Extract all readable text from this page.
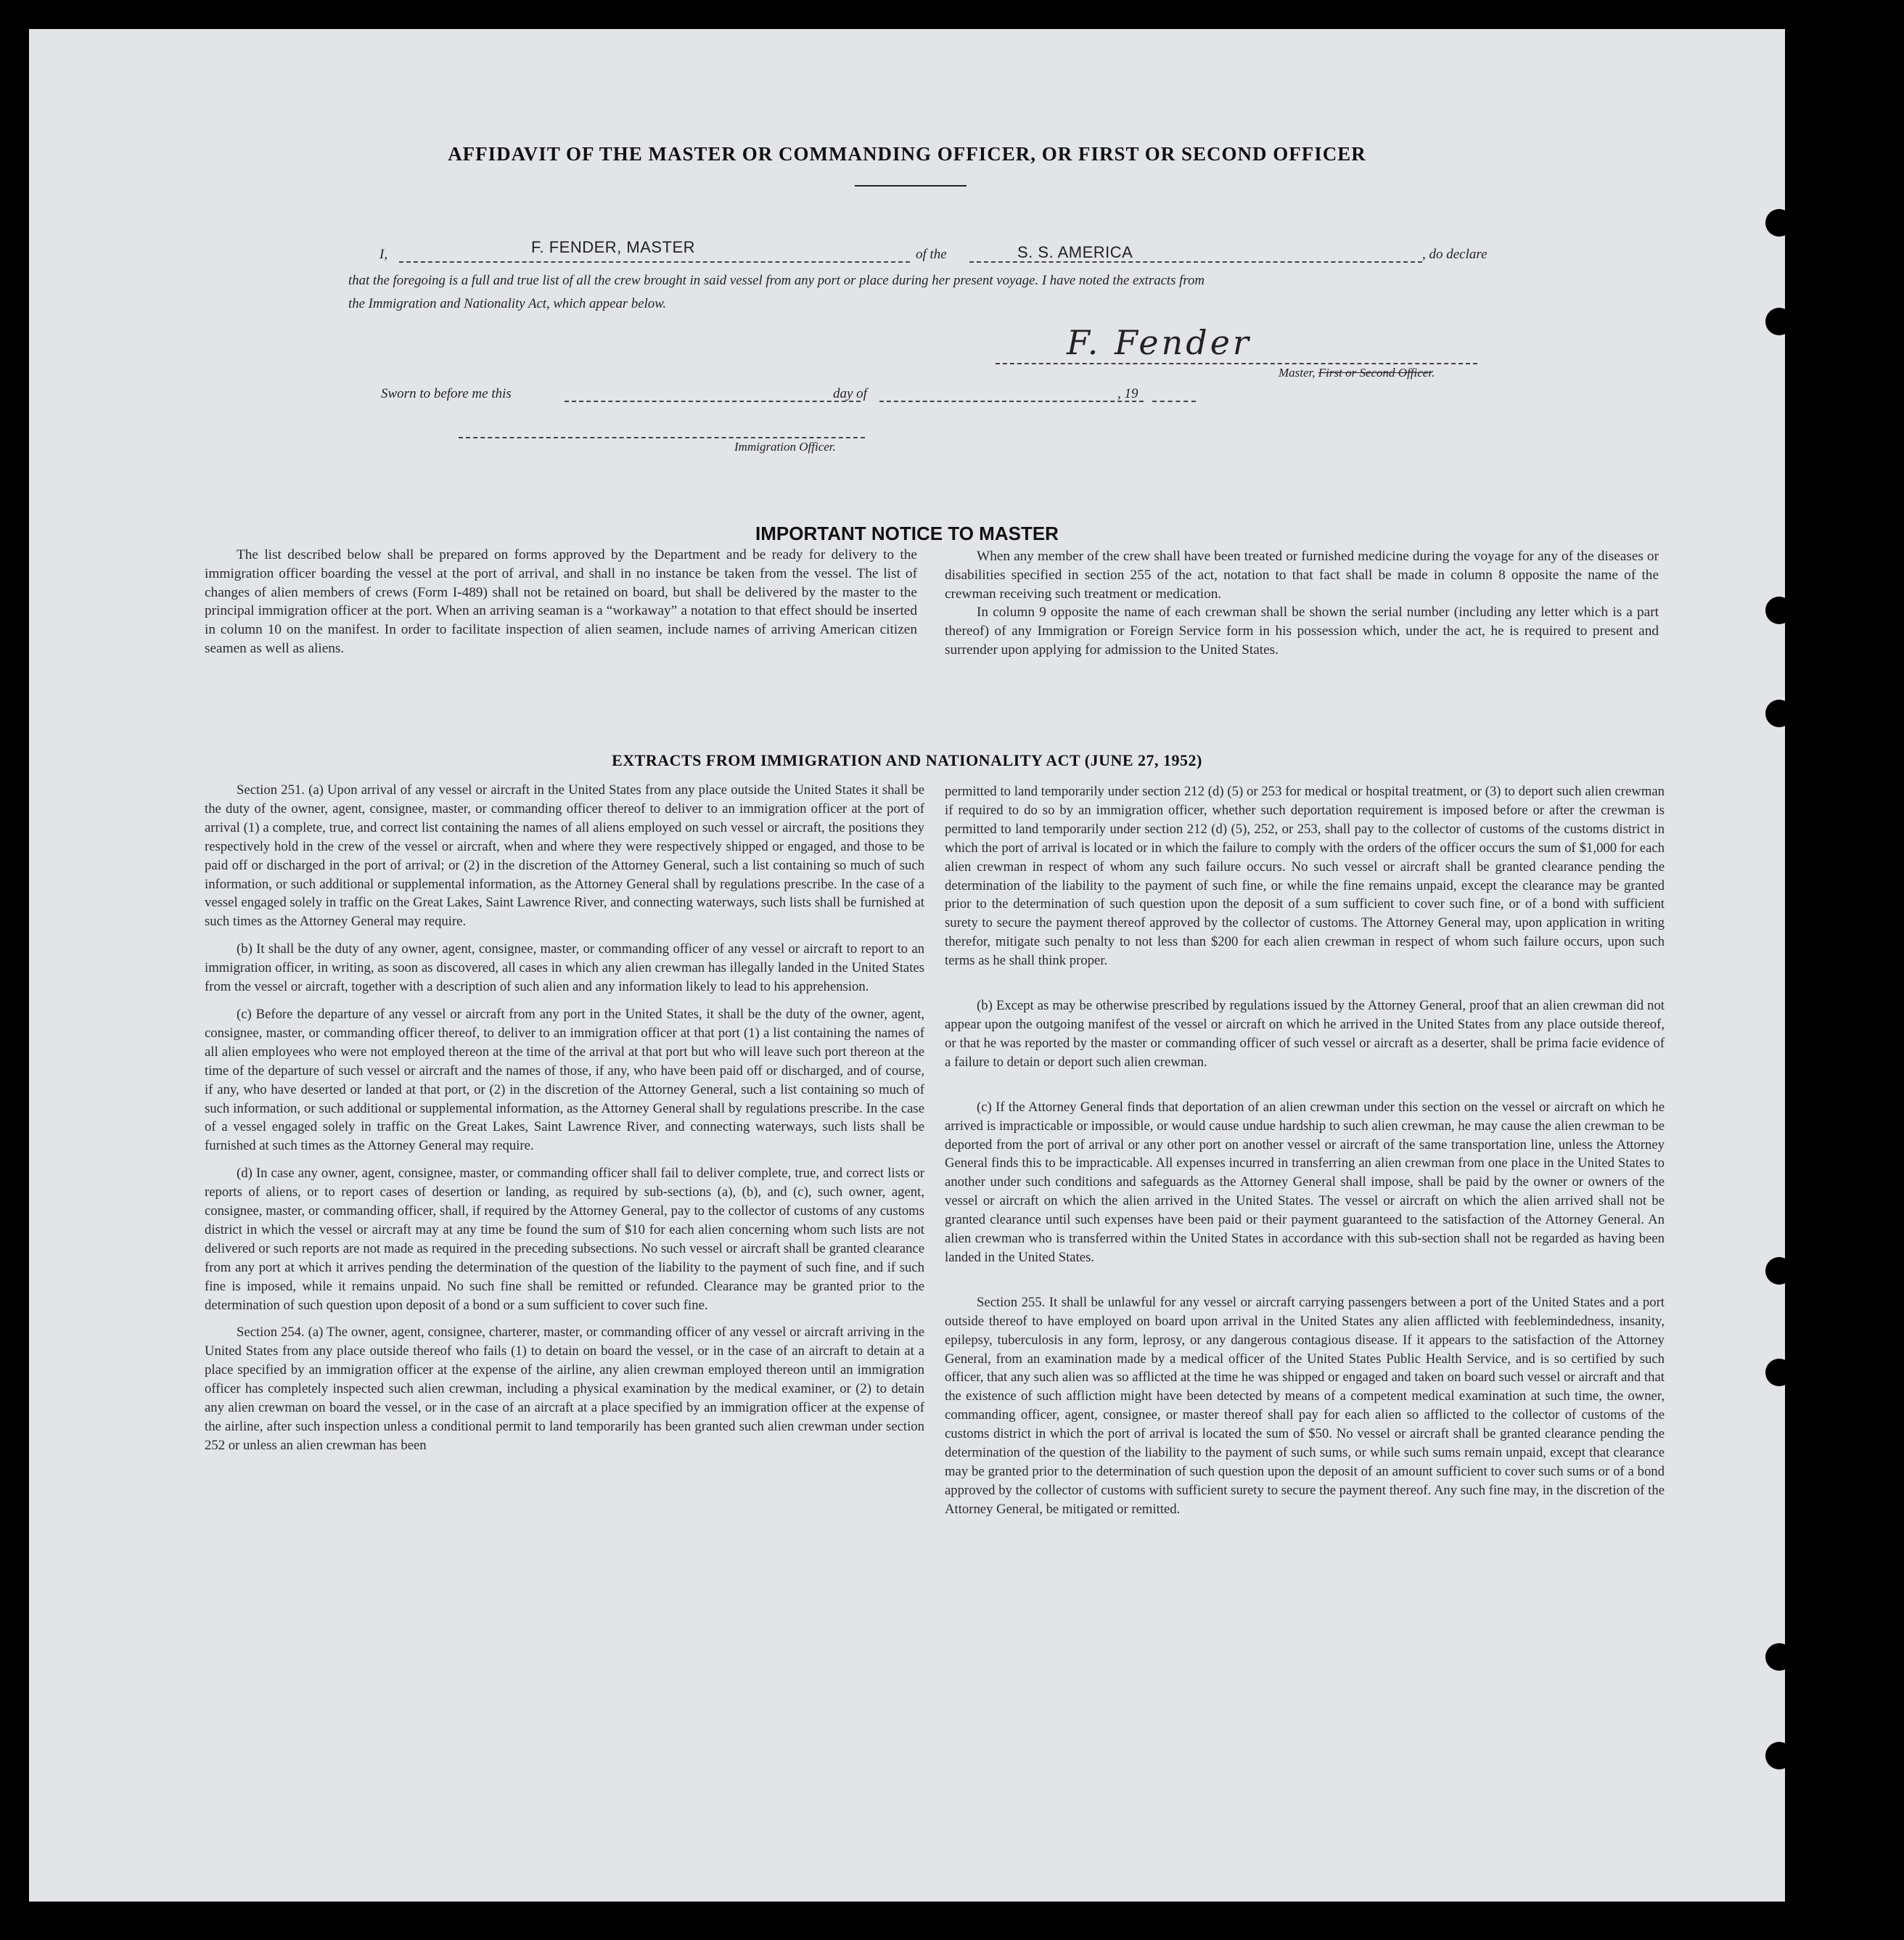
AFFIDAVIT OF THE MASTER OR COMMANDING OFFICER, OR FIRST OR SECOND OFFICER
I,	F. FENDER, MASTER	of the	S. S. AMERICA	, do declare
that the foregoing is a full and true list of all the crew brought in said vessel from any port or place during her present voyage. I have noted the extracts from
the Immigration and Nationality Act, which appear below.
F. Fender
Master, First or Second Officer.
Sworn to before me this	day of	, 19
Immigration Officer.
IMPORTANT NOTICE TO MASTER

The list described below shall be prepared on forms approved by the Department and be ready for delivery to the immigration officer boarding the vessel at the port of arrival, and shall in no instance be taken from the vessel. The list of changes of alien members of crews (Form I-489) shall not be retained on board, but shall be delivered by the master to the principal immigration officer at the port. When an arriving seaman is a “workaway” a notation to that effect should be inserted in column 10 on the manifest. In order to facilitate inspection of alien seamen, include names of arriving American citizen seamen as well as aliens.

When any member of the crew shall have been treated or furnished medicine during the voyage for any of the diseases or disabilities specified in section 255 of the act, notation to that fact shall be made in column 8 opposite the name of the crewman receiving such treatment or medication.

In column 9 opposite the name of each crewman shall be shown the serial number (including any letter which is a part thereof) of any Immigration or Foreign Service form in his possession which, under the act, he is required to present and surrender upon applying for admission to the United States.

EXTRACTS FROM IMMIGRATION AND NATIONALITY ACT (JUNE 27, 1952)

Section 251. (a) Upon arrival of any vessel or aircraft in the United States from any place outside the United States it shall be the duty of the owner, agent, consignee, master, or commanding officer thereof to deliver to an immigration officer at the port of arrival (1) a complete, true, and correct list containing the names of all aliens employed on such vessel or aircraft, the positions they respectively hold in the crew of the vessel or aircraft, when and where they were respectively shipped or engaged, and those to be paid off or discharged in the port of arrival; or (2) in the discretion of the Attorney General, such a list containing so much of such information, or such additional or supplemental information, as the Attorney General shall by regulations prescribe. In the case of a vessel engaged solely in traffic on the Great Lakes, Saint Lawrence River, and connecting waterways, such lists shall be furnished at such times as the Attorney General may require.

(b) It shall be the duty of any owner, agent, consignee, master, or commanding officer of any vessel or aircraft to report to an immigration officer, in writing, as soon as discovered, all cases in which any alien crewman has illegally landed in the United States from the vessel or aircraft, together with a description of such alien and any information likely to lead to his apprehension.

(c) Before the departure of any vessel or aircraft from any port in the United States, it shall be the duty of the owner, agent, consignee, master, or commanding officer thereof, to deliver to an immigration officer at that port (1) a list containing the names of all alien employees who were not employed thereon at the time of the arrival at that port but who will leave such port thereon at the time of the departure of such vessel or aircraft and the names of those, if any, who have been paid off or discharged, and of course, if any, who have deserted or landed at that port, or (2) in the discretion of the Attorney General, such a list containing so much of such information, or such additional or supplemental information, as the Attorney General shall by regulations prescribe. In the case of a vessel engaged solely in traffic on the Great Lakes, Saint Lawrence River, and connecting waterways, such lists shall be furnished at such times as the Attorney General may require.

(d) In case any owner, agent, consignee, master, or commanding officer shall fail to deliver complete, true, and correct lists or reports of aliens, or to report cases of desertion or landing, as required by sub-sections (a), (b), and (c), such owner, agent, consignee, master, or commanding officer, shall, if required by the Attorney General, pay to the collector of customs of any customs district in which the vessel or aircraft may at any time be found the sum of $10 for each alien concerning whom such lists are not delivered or such reports are not made as required in the preceding subsections. No such vessel or aircraft shall be granted clearance from any port at which it arrives pending the determination of the question of the liability to the payment of such fine, and if such fine is imposed, while it remains unpaid. No such fine shall be remitted or refunded. Clearance may be granted prior to the determination of such question upon deposit of a bond or a sum sufficient to cover such fine.

Section 254. (a) The owner, agent, consignee, charterer, master, or commanding officer of any vessel or aircraft arriving in the United States from any place outside thereof who fails (1) to detain on board the vessel, or in the case of an aircraft to detain at a place specified by an immigration officer at the expense of the airline, any alien crewman employed thereon until an immigration officer has completely inspected such alien crewman, including a physical examination by the medical examiner, or (2) to detain any alien crewman on board the vessel, or in the case of an aircraft at a place specified by an immigration officer at the expense of the airline, after such inspection unless a conditional permit to land temporarily has been granted such alien crewman under section 252 or unless an alien crewman has been

permitted to land temporarily under section 212 (d) (5) or 253 for medical or hospital treatment, or (3) to deport such alien crewman if required to do so by an immigration officer, whether such deportation requirement is imposed before or after the crewman is permitted to land temporarily under section 212 (d) (5), 252, or 253, shall pay to the collector of customs of the customs district in which the port of arrival is located or in which the failure to comply with the orders of the officer occurs the sum of $1,000 for each alien crewman in respect of whom any such failure occurs. No such vessel or aircraft shall be granted clearance pending the determination of the liability to the payment of such fine, or while the fine remains unpaid, except the clearance may be granted prior to the determination of such question upon the deposit of a sum sufficient to cover such fine, or of a bond with sufficient surety to secure the payment thereof approved by the collector of customs. The Attorney General may, upon application in writing therefor, mitigate such penalty to not less than $200 for each alien crewman in respect of whom such failure occurs, upon such terms as he shall think proper.

(b) Except as may be otherwise prescribed by regulations issued by the Attorney General, proof that an alien crewman did not appear upon the outgoing manifest of the vessel or aircraft on which he arrived in the United States from any place outside thereof, or that he was reported by the master or commanding officer of such vessel or aircraft as a deserter, shall be prima facie evidence of a failure to detain or deport such alien crewman.

(c) If the Attorney General finds that deportation of an alien crewman under this section on the vessel or aircraft on which he arrived is impracticable or impossible, or would cause undue hardship to such alien crewman, he may cause the alien crewman to be deported from the port of arrival or any other port on another vessel or aircraft of the same transportation line, unless the Attorney General finds this to be impracticable. All expenses incurred in transferring an alien crewman from one place in the United States to another under such conditions and safeguards as the Attorney General shall impose, shall be paid by the owner or owners of the vessel or aircraft on which the alien arrived in the United States. The vessel or aircraft on which the alien arrived shall not be granted clearance until such expenses have been paid or their payment guaranteed to the satisfaction of the Attorney General. An alien crewman who is transferred within the United States in accordance with this sub-section shall not be regarded as having been landed in the United States.

Section 255. It shall be unlawful for any vessel or aircraft carrying passengers between a port of the United States and a port outside thereof to have employed on board upon arrival in the United States any alien afflicted with feeblemindedness, insanity, epilepsy, tuberculosis in any form, leprosy, or any dangerous contagious disease. If it appears to the satisfaction of the Attorney General, from an examination made by a medical officer of the United States Public Health Service, and is so certified by such officer, that any such alien was so afflicted at the time he was shipped or engaged and taken on board such vessel or aircraft and that the existence of such affliction might have been detected by means of a competent medical examination at such time, the owner, commanding officer, agent, consignee, or master thereof shall pay for each alien so afflicted to the collector of customs of the customs district in which the port of arrival is located the sum of $50. No vessel or aircraft shall be granted clearance pending the determination of the question of the liability to the payment of such sums, or while such sums remain unpaid, except that clearance may be granted prior to the determination of such question upon the deposit of an amount sufficient to cover such sums or of a bond approved by the collector of customs with sufficient surety to secure the payment thereof. Any such fine may, in the discretion of the Attorney General, be mitigated or remitted.
